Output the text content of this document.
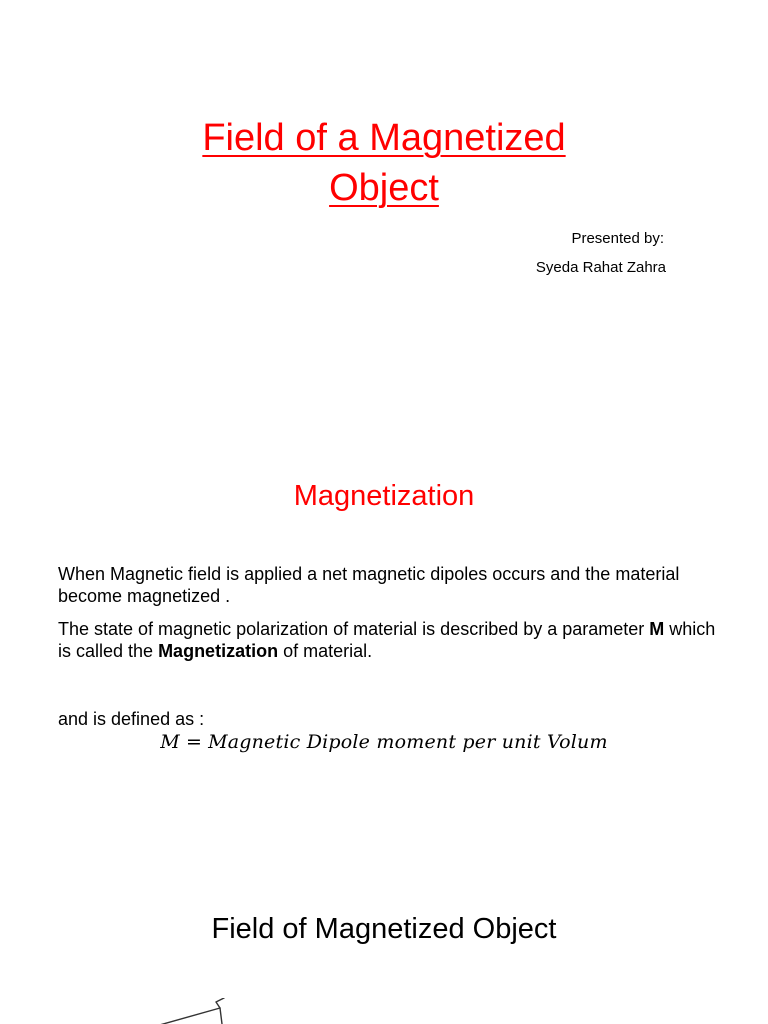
Field of a Magnetized
Object
Presented by:
Syeda Rahat Zahra
Magnetization
When Magnetic field is applied a net magnetic dipoles occurs and the material become magnetized .
The state of magnetic polarization of material is described by a parameter M which is called the Magnetization of material.
and is defined as :
M = Magnetic Dipole moment per unit Volum
Field of Magnetized Object
